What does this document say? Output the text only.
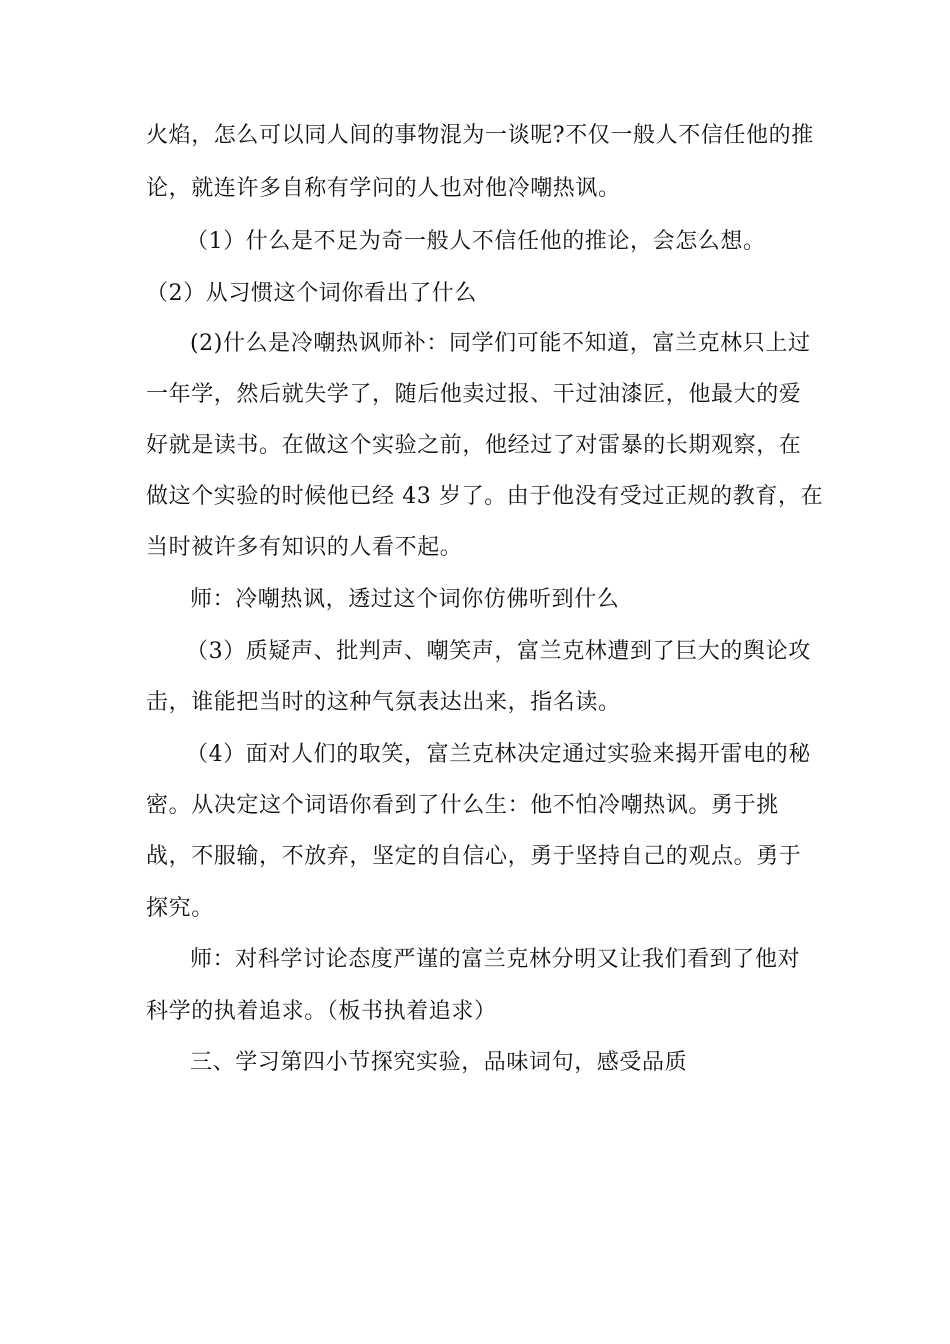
火焰，怎么可以同人间的事物混为一谈呢?不仅一般人不信任他的推
论，就连许多自称有学问的人也对他冷嘲热讽。
（1）什么是不足为奇一般人不信任他的推论，会怎么想。
（2）从习惯这个词你看出了什么
(2)什么是冷嘲热讽师补：同学们可能不知道，富兰克林只上过
一年学，然后就失学了，随后他卖过报、干过油漆匠，他最大的爱
好就是读书。在做这个实验之前，他经过了对雷暴的长期观察，在
做这个实验的时候他已经 43 岁了。由于他没有受过正规的教育，在
当时被许多有知识的人看不起。
师：冷嘲热讽，透过这个词你仿佛听到什么
（3）质疑声、批判声、嘲笑声，富兰克林遭到了巨大的舆论攻
击，谁能把当时的这种气氛表达出来，指名读。
（4）面对人们的取笑，富兰克林决定通过实验来揭开雷电的秘
密。从决定这个词语你看到了什么生：他不怕冷嘲热讽。勇于挑
战，不服输，不放弃，坚定的自信心，勇于坚持自己的观点。勇于
探究。
师：对科学讨论态度严谨的富兰克林分明又让我们看到了他对
科学的执着追求。（板书执着追求）
三、学习第四小节探究实验，品味词句，感受品质
